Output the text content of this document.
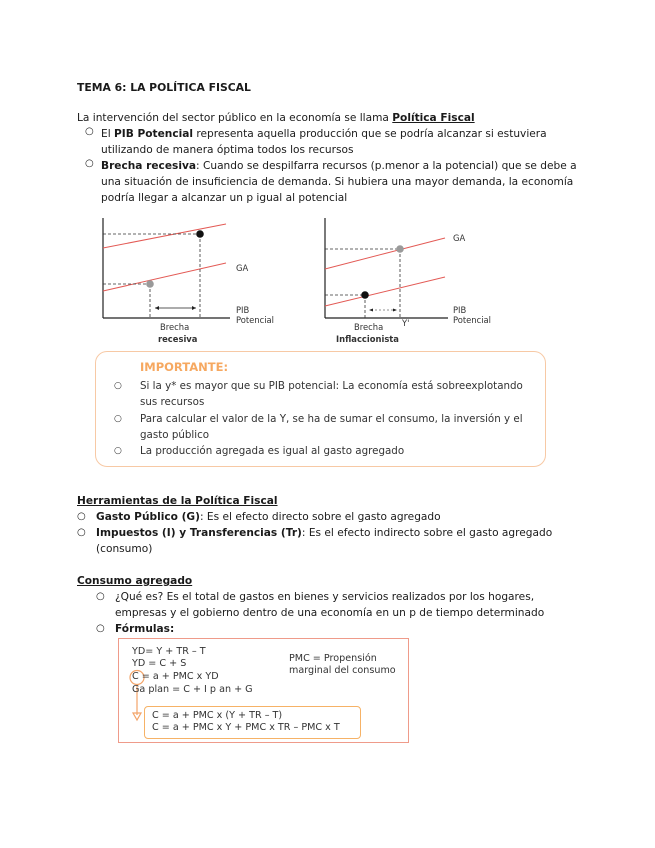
TEMA 6: LA POLÍTICA FISCAL
La intervención del sector público en la economía se llama Política Fiscal
○ El PIB Potencial representa aquella producción que se podría alcanzar si estuviera
utilizando de manera óptima todos los recursos
○ Brecha recesiva: Cuando se despilfarra recursos (p.menor a la potencial) que se debe a
una situación de insuficiencia de demanda. Si hubiera una mayor demanda, la economía
podría llegar a alcanzar un p igual al potencial
GA
PIB
Potencial
Brecha
recesiva
GA
PIB
Potencial
Y'
Brecha
Inflaccionista
IMPORTANTE:
○ Si la y* es mayor que su PIB potencial: La economía está sobreexplotando
sus recursos
○ Para calcular el valor de la Y, se ha de sumar el consumo, la inversión y el
gasto público
○ La producción agregada es igual al gasto agregado
Herramientas de la Política Fiscal
○ Gasto Público (G): Es el efecto directo sobre el gasto agregado
○ Impuestos (I) y Transferencias (Tr): Es el efecto indirecto sobre el gasto agregado
(consumo)
Consumo agregado
○ ¿Qué es? Es el total de gastos en bienes y servicios realizados por los hogares,
empresas y el gobierno dentro de una economía en un p de tiempo determinado
○ Fórmulas:
YD= Y + TR – T
YD = C + S
C = a + PMC x YD
Ga plan = C + I p an + G
PMC = Propensión
marginal del consumo
C = a + PMC x (Y + TR – T)
C = a + PMC x Y + PMC x TR – PMC x T
